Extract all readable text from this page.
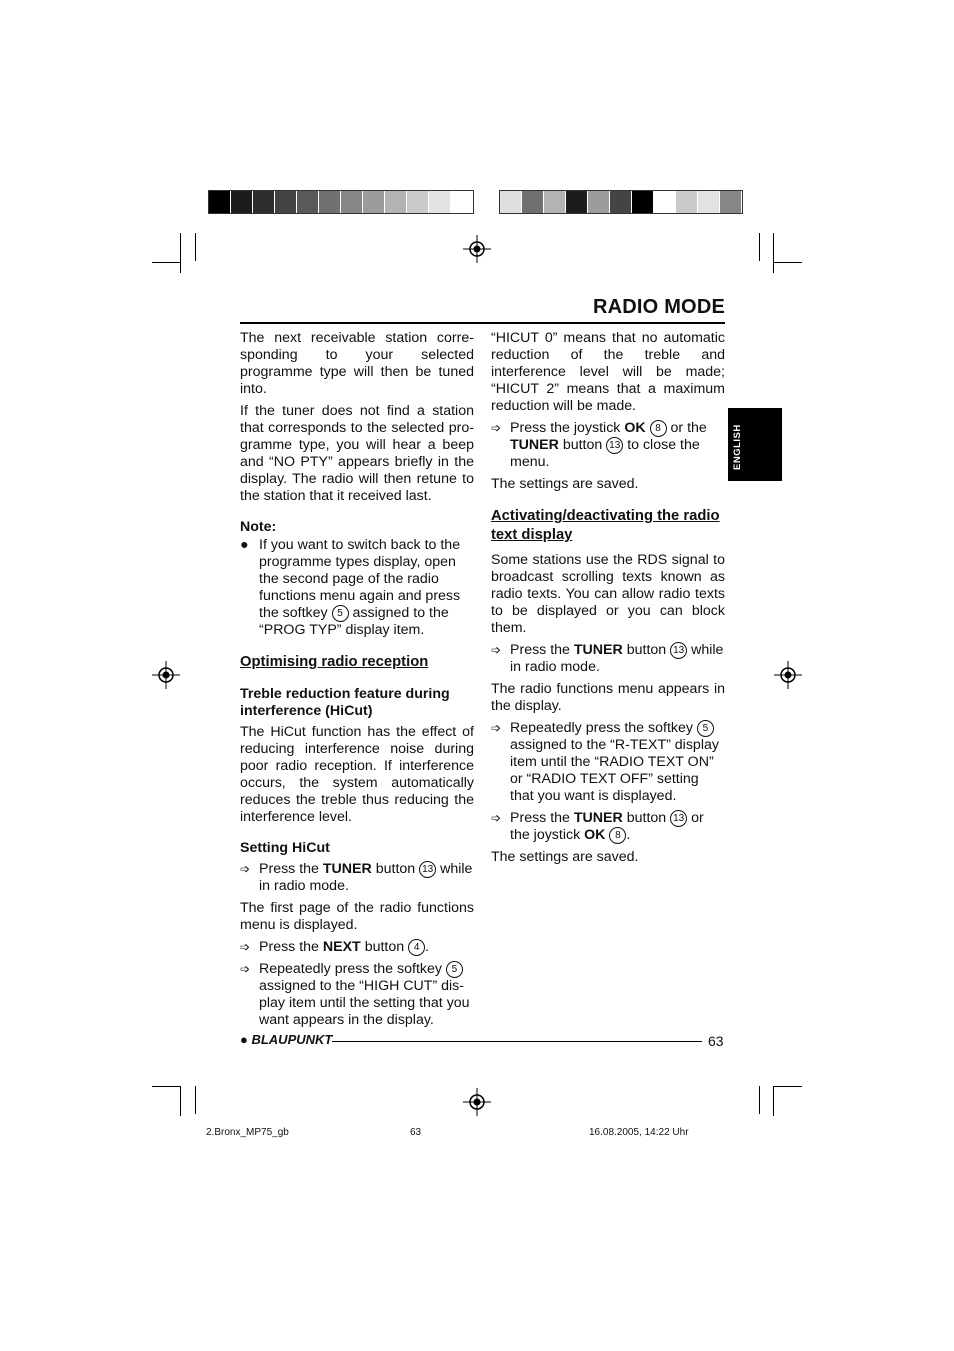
RADIO MODE
ENGLISH

The next receivable station corresponding to your selected programme type will then be tuned into.

If the tuner does not find a station that corresponds to the selected programme type, you will hear a beep and “NO PTY” appears briefly in the display. The radio will then retune to the station that it received last.

Note:
● If you want to switch back to the programme types display, open the second page of the radio functions menu again and press the softkey 5 assigned to the “PROG TYP” display item.
Optimising radio reception
Treble reduction feature during interference (HiCut)

The HiCut function has the effect of reducing interference noise during poor radio reception. If interference occurs, the system automatically reduces the treble thus reducing the interference level.

Setting HiCut
➩ Press the TUNER button 13 while in radio mode.

The first page of the radio functions menu is displayed.

➩ Press the NEXT button 4 .
➩ Repeatedly press the softkey 5 assigned to the “HIGH CUT” display item until the setting that you want appears in the display.

“HICUT 0” means that no automatic reduction of the treble and interference level will be made; “HICUT 2” means that a maximum reduction will be made.

➩ Press the joystick OK 8 or the TUNER button 13 to close the menu.

The settings are saved.

Activating/deactivating the radio text display

Some stations use the RDS signal to broadcast scrolling texts known as radio texts. You can allow radio texts to be displayed or you can block them.

➩ Press the TUNER button 13 while in radio mode.

The radio functions menu appears in the display.

➩ Repeatedly press the softkey 5 assigned to the “R-TEXT” display item until the “RADIO TEXT ON” or “RADIO TEXT OFF” setting that you want is displayed.
➩ Press the TUNER button 13 or the joystick OK 8 .

The settings are saved.

● BLAUPUNKT	63
2.Bronx_MP75_gb	63	16.08.2005, 14:22 Uhr
